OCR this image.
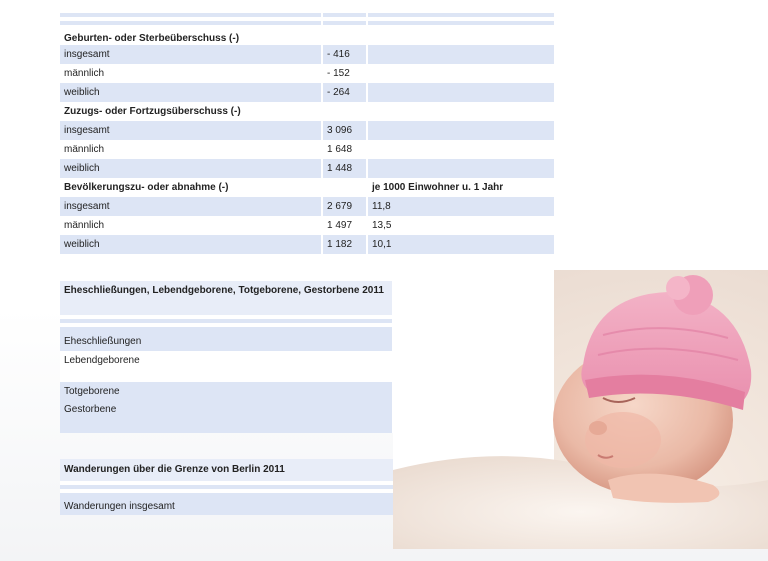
Geburten- oder Sterbeüberschuss (-)		
insgesamt	- 416	
männlich	- 152	
weiblich	- 264	
Zuzugs- oder Fortzugsüberschuss (-)		
insgesamt	3 096	
männlich	1 648	
weiblich	1 448	
Bevölkerungszu- oder abnahme (-)		je 1000 Einwohner u. 1 Jahr
insgesamt	2 679	11,8
männlich	1 497	13,5
weiblich	1 182	10,1
Eheschließungen, Lebendgeborene, Totgeborene, Gestorbene 2011		

Eheschließungen		
Lebendgeborene		
Totgeborene		
Gestorbene		
Wanderungen über die Grenze von Berlin 2011		

Wanderungen insgesamt		
